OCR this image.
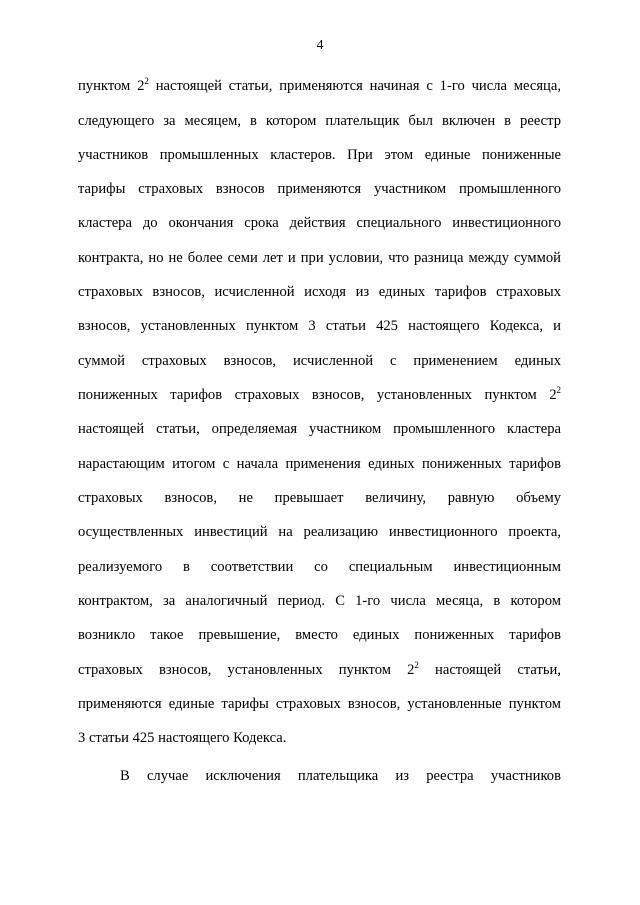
4
пунктом $2^2$ настоящей статьи, применяются начиная с 1-го числа месяца,
следующего за месяцем, в котором плательщик был включен в реестр
участников промышленных кластеров. При этом единые пониженные
тарифы страховых взносов применяются участником промышленного
кластера до окончания срока действия специального инвестиционного
контракта, но не более семи лет и при условии, что разница между суммой
страховых взносов, исчисленной исходя из единых тарифов страховых
взносов, установленных пунктом 3 статьи 425 настоящего Кодекса, и
суммой страховых взносов, исчисленной с применением единых
пониженных тарифов страховых взносов, установленных пунктом $2^2$
настоящей статьи, определяемая участником промышленного кластера
нарастающим итогом с начала применения единых пониженных тарифов
страховых взносов, не превышает величину, равную объему
осуществленных инвестиций на реализацию инвестиционного проекта,
реализуемого в соответствии со специальным инвестиционным
контрактом, за аналогичный период. С 1-го числа месяца, в котором
возникло такое превышение, вместо единых пониженных тарифов
страховых взносов, установленных пунктом $2^2$ настоящей статьи,
применяются единые тарифы страховых взносов, установленные пунктом
3 статьи 425 настоящего Кодекса.
В случае исключения плательщика из реестра участников
